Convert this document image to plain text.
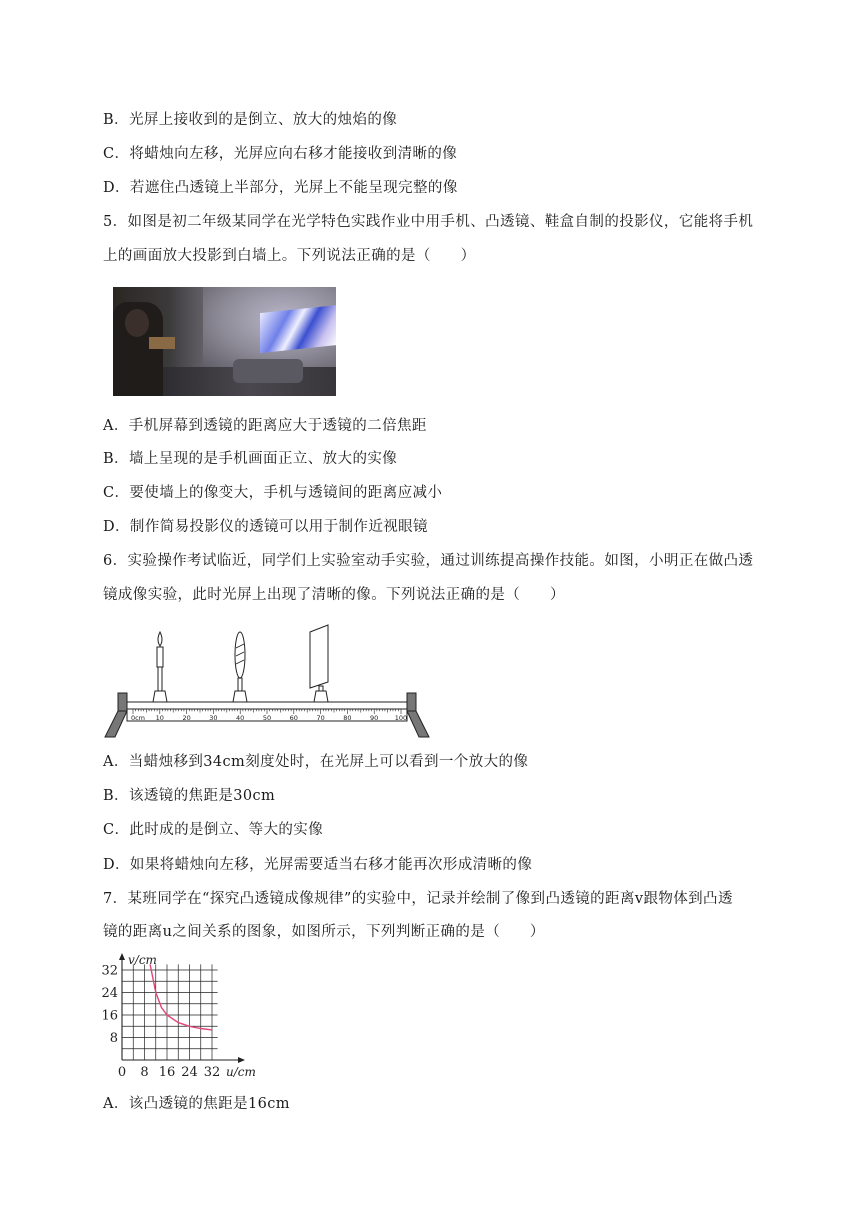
B．光屏上接收到的是倒立、放大的烛焰的像
C．将蜡烛向左移，光屏应向右移才能接收到清晰的像
D．若遮住凸透镜上半部分，光屏上不能呈现完整的像
5．如图是初二年级某同学在光学特色实践作业中用手机、凸透镜、鞋盒自制的投影仪，它能将手机
上的画面放大投影到白墙上。下列说法正确的是（　　）
A．手机屏幕到透镜的距离应大于透镜的二倍焦距
B．墙上呈现的是手机画面正立、放大的实像
C．要使墙上的像变大，手机与透镜间的距离应减小
D．制作简易投影仪的透镜可以用于制作近视眼镜
6．实验操作考试临近，同学们上实验室动手实验，通过训练提高操作技能。如图，小明正在做凸透
镜成像实验，此时光屏上出现了清晰的像。下列说法正确的是（　　）
0cm 10	20	30	40	50	60	70	80	90	100
A．当蜡烛移到34cm刻度处时，在光屏上可以看到一个放大的像
B．该透镜的焦距是30cm
C．此时成的是倒立、等大的实像
D．如果将蜡烛向左移，光屏需要适当右移才能再次形成清晰的像
7．某班同学在“探究凸透镜成像规律”的实验中，记录并绘制了像到凸透镜的距离v跟物体到凸透
镜的距离u之间关系的图象，如图所示，下列判断正确的是（　　）
32
24
16
8
0 8 16 24 32
v/cm
u/cm
A．该凸透镜的焦距是16cm
